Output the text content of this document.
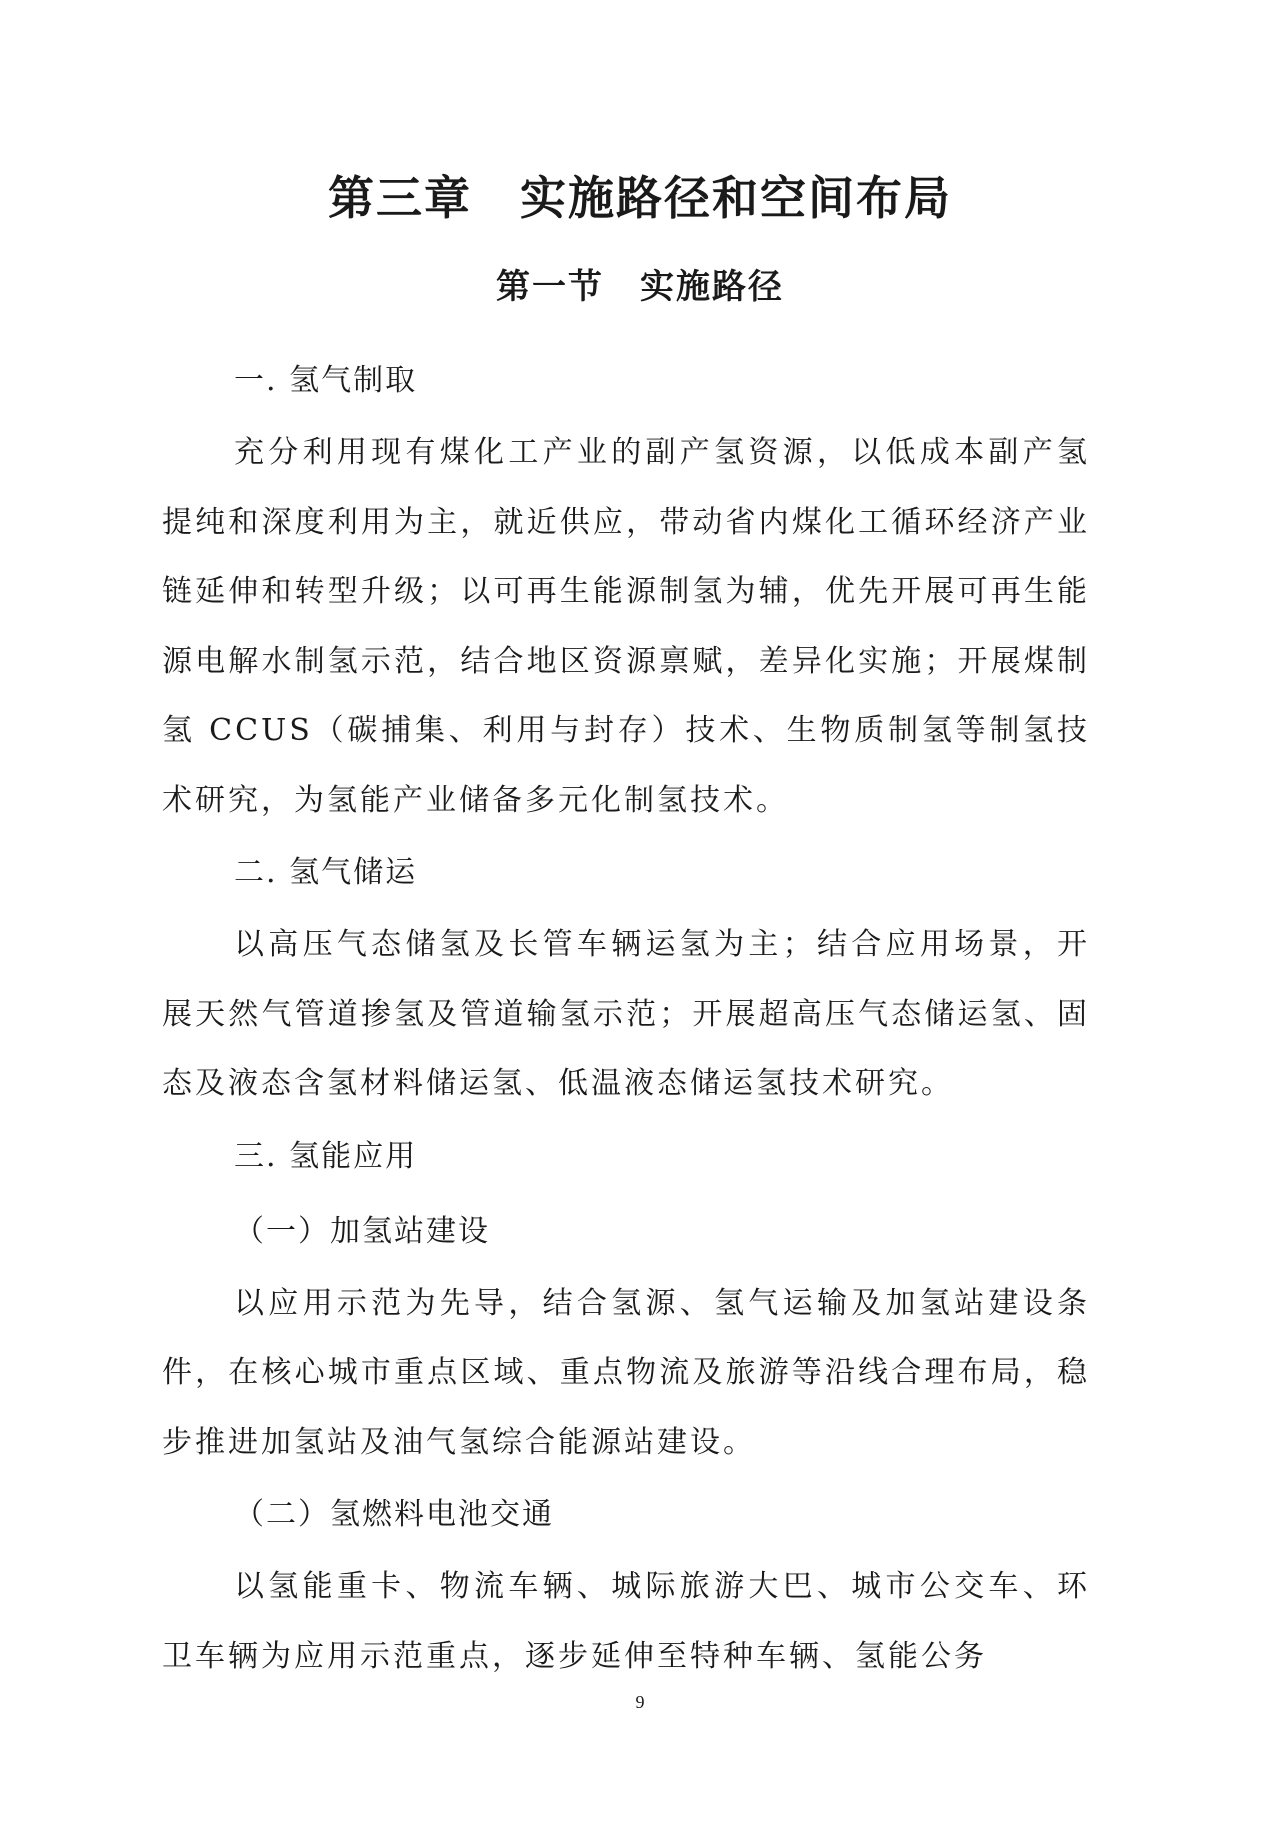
第三章　实施路径和空间布局
第一节　实施路径
一. 氢气制取

充分利用现有煤化工产业的副产氢资源，以低成本副产氢提纯和深度利用为主，就近供应，带动省内煤化工循环经济产业链延伸和转型升级；以可再生能源制氢为辅，优先开展可再生能源电解水制氢示范，结合地区资源禀赋，差异化实施；开展煤制氢 CCUS（碳捕集、利用与封存）技术、生物质制氢等制氢技术研究，为氢能产业储备多元化制氢技术。

二. 氢气储运

以高压气态储氢及长管车辆运氢为主；结合应用场景，开展天然气管道掺氢及管道输氢示范；开展超高压气态储运氢、固态及液态含氢材料储运氢、低温液态储运氢技术研究。

三. 氢能应用
（一）加氢站建设

以应用示范为先导，结合氢源、氢气运输及加氢站建设条件，在核心城市重点区域、重点物流及旅游等沿线合理布局，稳步推进加氢站及油气氢综合能源站建设。

（二）氢燃料电池交通

以氢能重卡、物流车辆、城际旅游大巴、城市公交车、环卫车辆为应用示范重点，逐步延伸至特种车辆、氢能公务

9
